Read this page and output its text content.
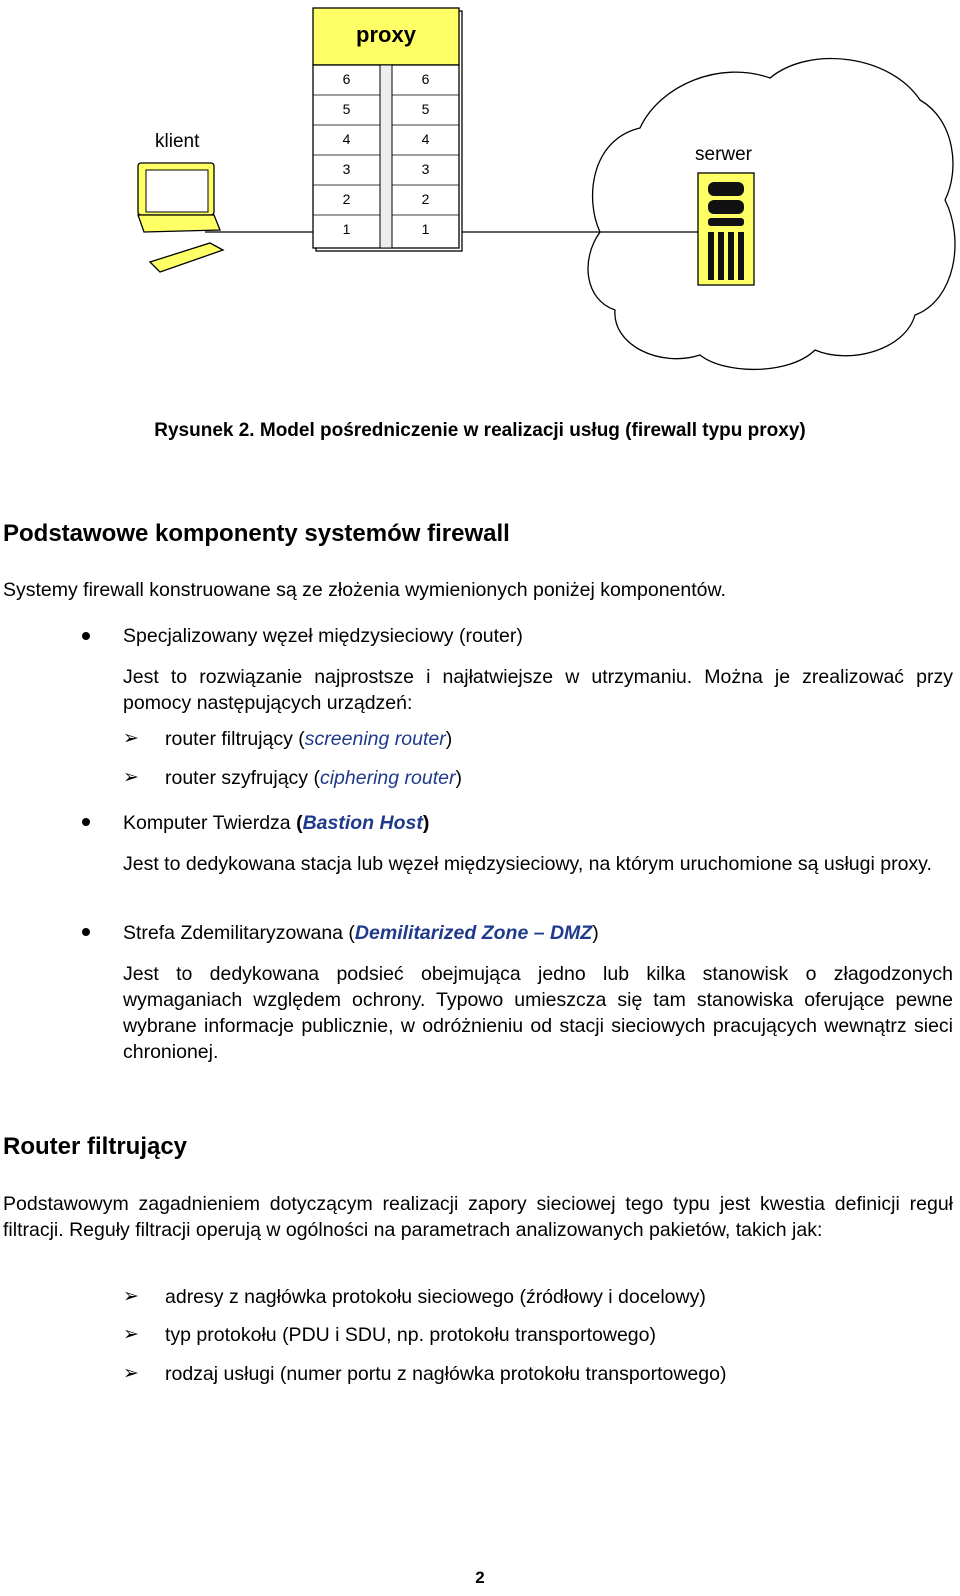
proxy
klient
serwer
6
5
4
3
2
1
6
5
4
3
2
1
Rysunek 2. Model pośredniczenie w realizacji usług (firewall typu proxy)
Podstawowe komponenty systemów firewall
Systemy firewall konstruowane są ze złożenia wymienionych poniżej komponentów.
Specjalizowany węzeł międzysieciowy (router)
Jest to rozwiązanie najprostsze i najłatwiejsze w utrzymaniu. Można je zrealizować przy pomocy następujących urządzeń:
➢ router filtrujący (screening router)
➢ router szyfrujący (ciphering router)
Komputer Twierdza (Bastion Host)
Jest to dedykowana stacja lub węzeł międzysieciowy, na którym uruchomione są usługi proxy.
Strefa Zdemilitaryzowana (Demilitarized Zone – DMZ)
Jest to dedykowana podsieć obejmująca jedno lub kilka stanowisk o złagodzonych wymaganiach względem ochrony. Typowo umieszcza się tam stanowiska oferujące pewne wybrane informacje publicznie, w odróżnieniu od stacji sieciowych pracujących wewnątrz sieci chronionej.
Router filtrujący
Podstawowym zagadnieniem dotyczącym realizacji zapory sieciowej tego typu jest kwestia definicji reguł filtracji. Reguły filtracji operują w ogólności na parametrach analizowanych pakietów, takich jak:
➢ adresy z nagłówka protokołu sieciowego (źródłowy i docelowy)
➢ typ protokołu (PDU i SDU, np. protokołu transportowego)
➢ rodzaj usługi (numer portu z nagłówka protokołu transportowego)
2
